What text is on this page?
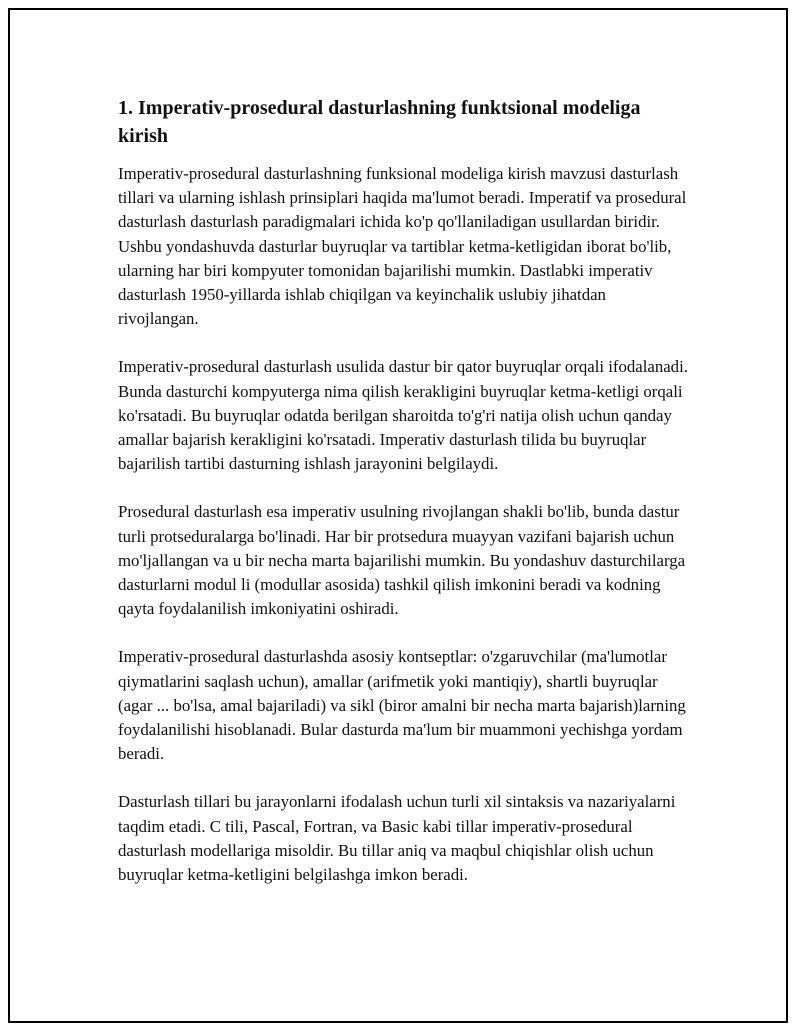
1. Imperativ-prosedural dasturlashning funktsional modeliga kirish

Imperativ-prosedural dasturlashning funksional modeliga kirish mavzusi dasturlash tillari va ularning ishlash prinsiplari haqida ma'lumot beradi. Imperatif va prosedural dasturlash dasturlash paradigmalari ichida ko'p qo'llaniladigan usullardan biridir. Ushbu yondashuvda dasturlar buyruqlar va tartiblar ketma-ketligidan iborat bo'lib, ularning har biri kompyuter tomonidan bajarilishi mumkin. Dastlabki imperativ dasturlash 1950-yillarda ishlab chiqilgan va keyinchalik uslubiy jihatdan rivojlangan.

Imperativ-prosedural dasturlash usulida dastur bir qator buyruqlar orqali ifodalanadi. Bunda dasturchi kompyuterga nima qilish kerakligini buyruqlar ketma-ketligi orqali ko'rsatadi. Bu buyruqlar odatda berilgan sharoitda to'g'ri natija olish uchun qanday amallar bajarish kerakligini ko'rsatadi. Imperativ dasturlash tilida bu buyruqlar bajarilish tartibi dasturning ishlash jarayonini belgilaydi.

Prosedural dasturlash esa imperativ usulning rivojlangan shakli bo'lib, bunda dastur turli protseduralarga bo'linadi. Har bir protsedura muayyan vazifani bajarish uchun mo'ljallangan va u bir necha marta bajarilishi mumkin. Bu yondashuv dasturchilarga dasturlarni modul li (modullar asosida) tashkil qilish imkonini beradi va kodning qayta foydalanilish imkoniyatini oshiradi.

Imperativ-prosedural dasturlashda asosiy kontseptlar: o'zgaruvchilar (ma'lumotlar qiymatlarini saqlash uchun), amallar (arifmetik yoki mantiqiy), shartli buyruqlar (agar ... bo'lsa, amal bajariladi) va sikl (biror amalni bir necha marta bajarish)larning foydalanilishi hisoblanadi. Bular dasturda ma'lum bir muammoni yechishga yordam beradi.

Dasturlash tillari bu jarayonlarni ifodalash uchun turli xil sintaksis va nazariyalarni taqdim etadi. C tili, Pascal, Fortran, va Basic kabi tillar imperativ-prosedural dasturlash modellariga misoldir. Bu tillar aniq va maqbul chiqishlar olish uchun buyruqlar ketma-ketligini belgilashga imkon beradi.
